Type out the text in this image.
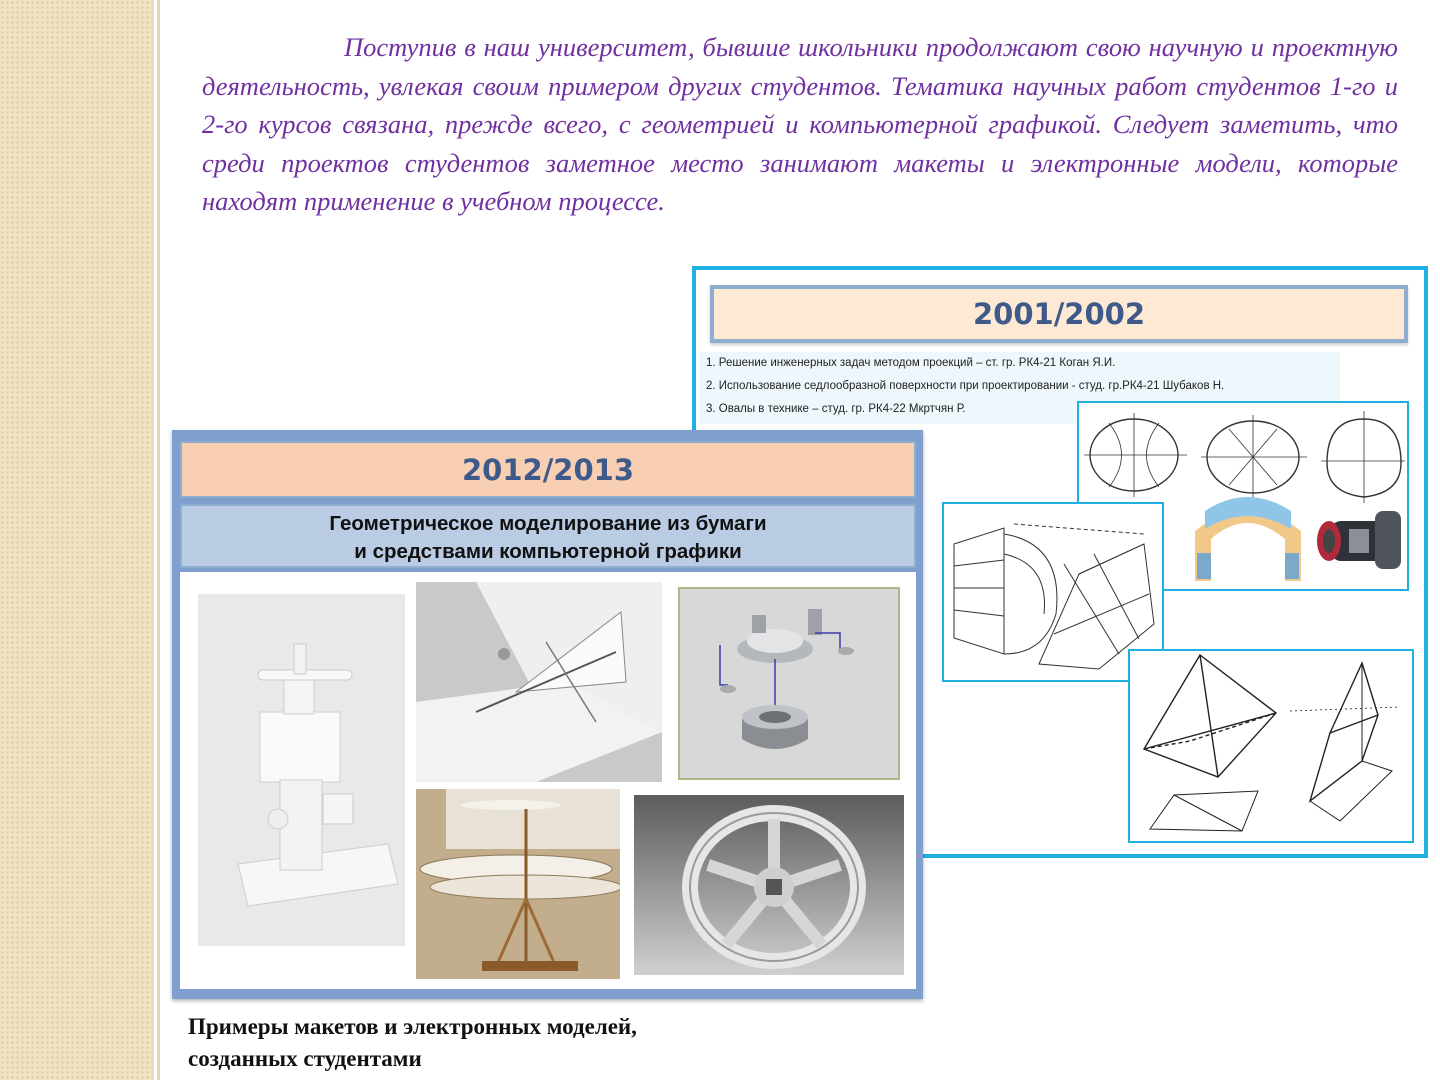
Поступив в наш университет, бывшие школьники продолжают свою научную и проектную деятельность, увлекая своим примером других студентов. Тематика научных работ студентов 1-го и 2-го курсов связана, прежде всего, с геометрией и компьютерной графикой. Следует заметить, что среди проектов студентов заметное место занимают макеты и электронные модели, которые находят применение в учебном процессе.

2001/2002
1. Решение инженерных задач методом проекций – ст. гр. РК4-21 Коган Я.И.
2. Использование седлообразной поверхности при проектировании - студ. гр.РК4-21 Шубаков Н.
3. Овалы в технике – студ. гр. РК4-22 Мкртчян Р.
2012/2013
Геометрическое моделирование из бумаги
и средствами компьютерной графики

Примеры макетов и электронных моделей,
созданных студентами
